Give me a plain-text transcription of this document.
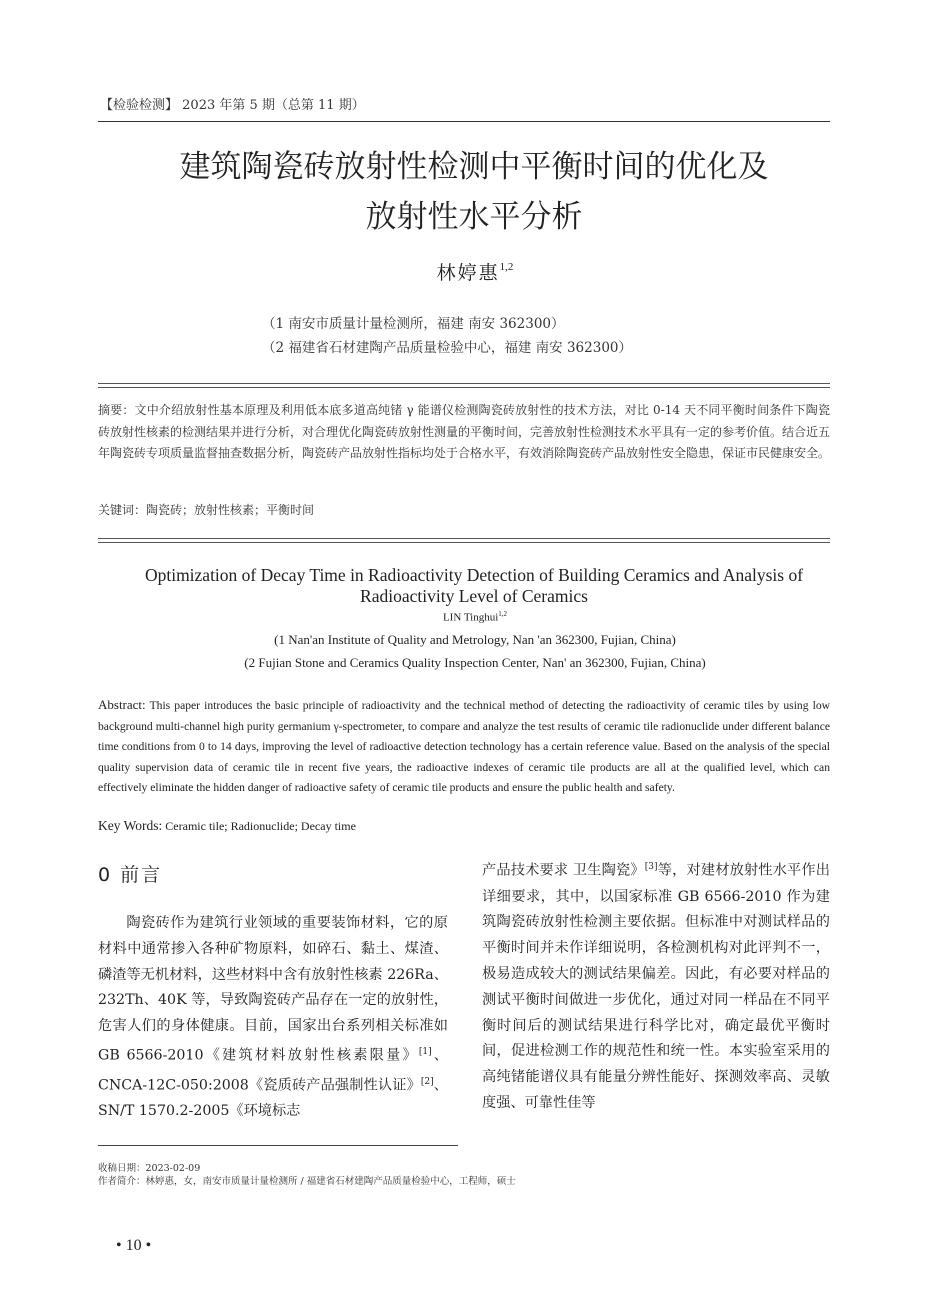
【检验检测】 2023 年第 5 期（总第 11 期）
建筑陶瓷砖放射性检测中平衡时间的优化及
放射性水平分析
林婷惠$^{1,2}$
（1 南安市质量计量检测所，福建 南安 362300）
（2 福建省石材建陶产品质量检验中心，福建 南安 362300）
摘要：文中介绍放射性基本原理及利用低本底多道高纯锗 γ 能谱仪检测陶瓷砖放射性的技术方法，对比 0-14 天不同平衡时间条件下陶瓷砖放射性核素的检测结果并进行分析，对合理优化陶瓷砖放射性测量的平衡时间，完善放射性检测技术水平具有一定的参考价值。结合近五年陶瓷砖专项质量监督抽查数据分析，陶瓷砖产品放射性指标均处于合格水平，有效消除陶瓷砖产品放射性安全隐患，保证市民健康安全。
关键词：陶瓷砖；放射性核素；平衡时间
Optimization of Decay Time in Radioactivity Detection of Building Ceramics and Analysis of Radioactivity Level of Ceramics
LIN Tinghui$^{1,2}$
(1 Nan'an Institute of Quality and Metrology, Nan 'an 362300, Fujian, China)
(2 Fujian Stone and Ceramics Quality Inspection Center, Nan' an 362300, Fujian, China)
Abstract: This paper introduces the basic principle of radioactivity and the technical method of detecting the radioactivity of ceramic tiles by using low background multi-channel high purity germanium γ-spectrometer, to compare and analyze the test results of ceramic tile radionuclide under different balance time conditions from 0 to 14 days, improving the level of radioactive detection technology has a certain reference value. Based on the analysis of the special quality supervision data of ceramic tile in recent five years, the radioactive indexes of ceramic tile products are all at the qualified level, which can effectively eliminate the hidden danger of radioactive safety of ceramic tile products and ensure the public health and safety.
Key Words: Ceramic tile; Radionuclide; Decay time
0 前言
陶瓷砖作为建筑行业领域的重要装饰材料，它的原材料中通常掺入各种矿物原料，如碎石、黏土、煤渣、磷渣等无机材料，这些材料中含有放射性核素 226Ra、232Th、40K 等，导致陶瓷砖产品存在一定的放射性，危害人们的身体健康。目前，国家出台系列相关标准如 GB 6566-2010《建筑材料放射性核素限量》[1]、CNCA-12C-050:2008《瓷质砖产品强制性认证》[2]、SN/T 1570.2-2005《环境标志
产品技术要求 卫生陶瓷》[3]等，对建材放射性水平作出详细要求，其中，以国家标准 GB 6566-2010 作为建筑陶瓷砖放射性检测主要依据。但标准中对测试样品的平衡时间并未作详细说明，各检测机构对此评判不一，极易造成较大的测试结果偏差。因此，有必要对样品的测试平衡时间做进一步优化，通过对同一样品在不同平衡时间后的测试结果进行科学比对，确定最优平衡时间，促进检测工作的规范性和统一性。本实验室采用的高纯锗能谱仪具有能量分辨性能好、探测效率高、灵敏度强、可靠性佳等
收稿日期：2023-02-09
作者简介：林婷惠，女，南安市质量计量检测所 / 福建省石材建陶产品质量检验中心，工程师，硕士
• 10 •
